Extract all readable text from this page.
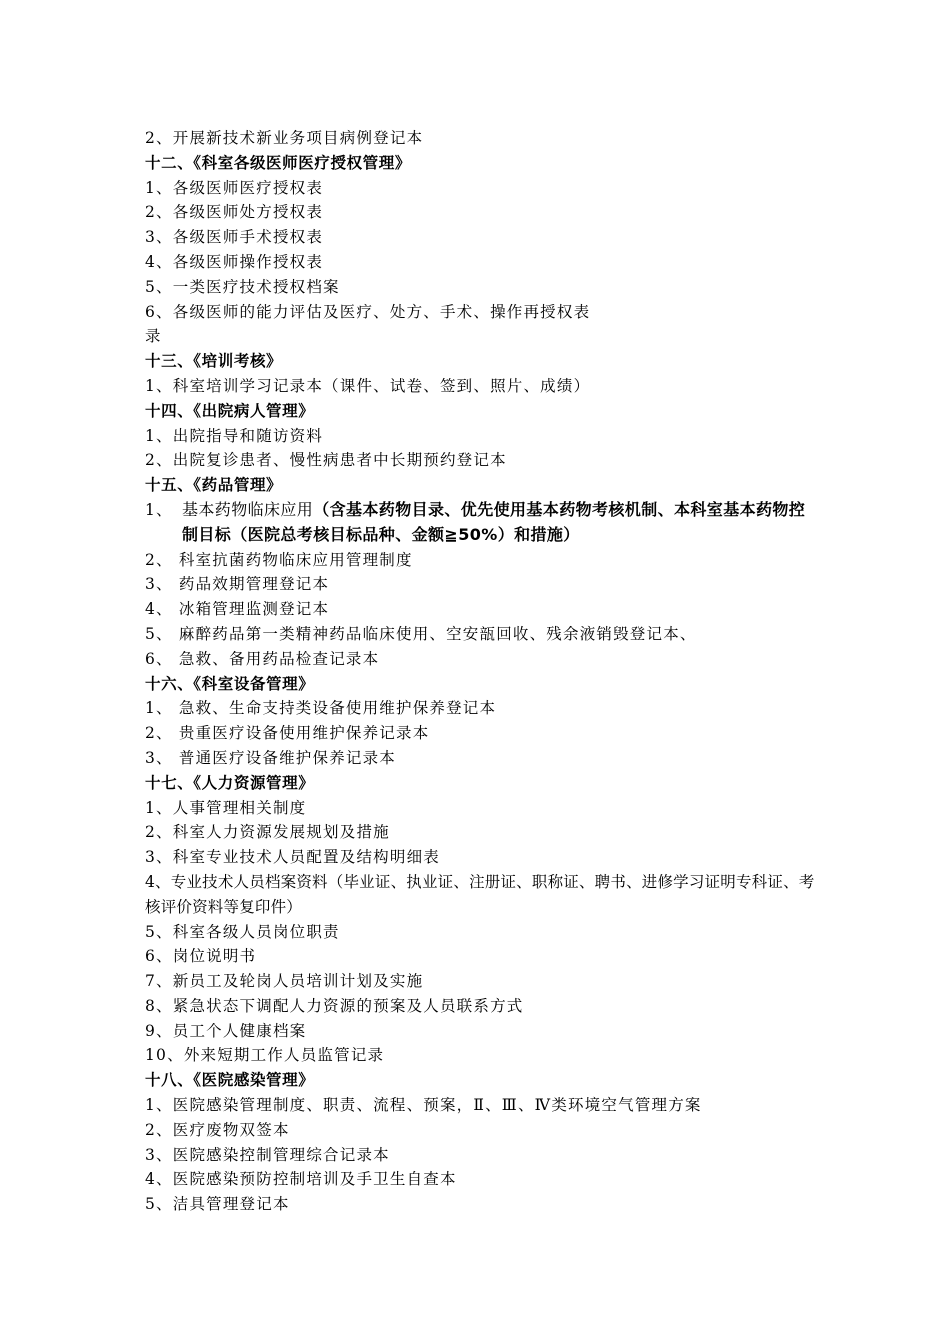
2、开展新技术新业务项目病例登记本
十二、《科室各级医师医疗授权管理》
1、各级医师医疗授权表
2、各级医师处方授权表
3、各级医师手术授权表
4、各级医师操作授权表
5、一类医疗技术授权档案
6、各级医师的能力评估及医疗、处方、手术、操作再授权表
录
十三、《培训考核》
1、科室培训学习记录本（课件、试卷、签到、照片、成绩）
十四、《出院病人管理》
1、出院指导和随访资料
2、出院复诊患者、慢性病患者中长期预约登记本
十五、《药品管理》
1、 基本药物临床应用（含基本药物目录、优先使用基本药物考核机制、本科室基本药物控制目标（医院总考核目标品种、金额≧50%）和措施）
2、 科室抗菌药物临床应用管理制度
3、 药品效期管理登记本
4、 冰箱管理监测登记本
5、 麻醉药品第一类精神药品临床使用、空安瓿回收、残余液销毁登记本、
6、 急救、备用药品检查记录本
十六、《科室设备管理》
1、 急救、生命支持类设备使用维护保养登记本
2、 贵重医疗设备使用维护保养记录本
3、 普通医疗设备维护保养记录本
十七、《人力资源管理》
1、人事管理相关制度
2、科室人力资源发展规划及措施
3、科室专业技术人员配置及结构明细表
4、专业技术人员档案资料（毕业证、执业证、注册证、职称证、聘书、进修学习证明专科证、考核评价资料等复印件）
5、科室各级人员岗位职责
6、岗位说明书
7、新员工及轮岗人员培训计划及实施
8、紧急状态下调配人力资源的预案及人员联系方式
9、员工个人健康档案
10、外来短期工作人员监管记录
十八、《医院感染管理》
1、医院感染管理制度、职责、流程、预案，Ⅱ、Ⅲ、Ⅳ类环境空气管理方案
2、医疗废物双签本
3、医院感染控制管理综合记录本
4、医院感染预防控制培训及手卫生自查本
5、洁具管理登记本
